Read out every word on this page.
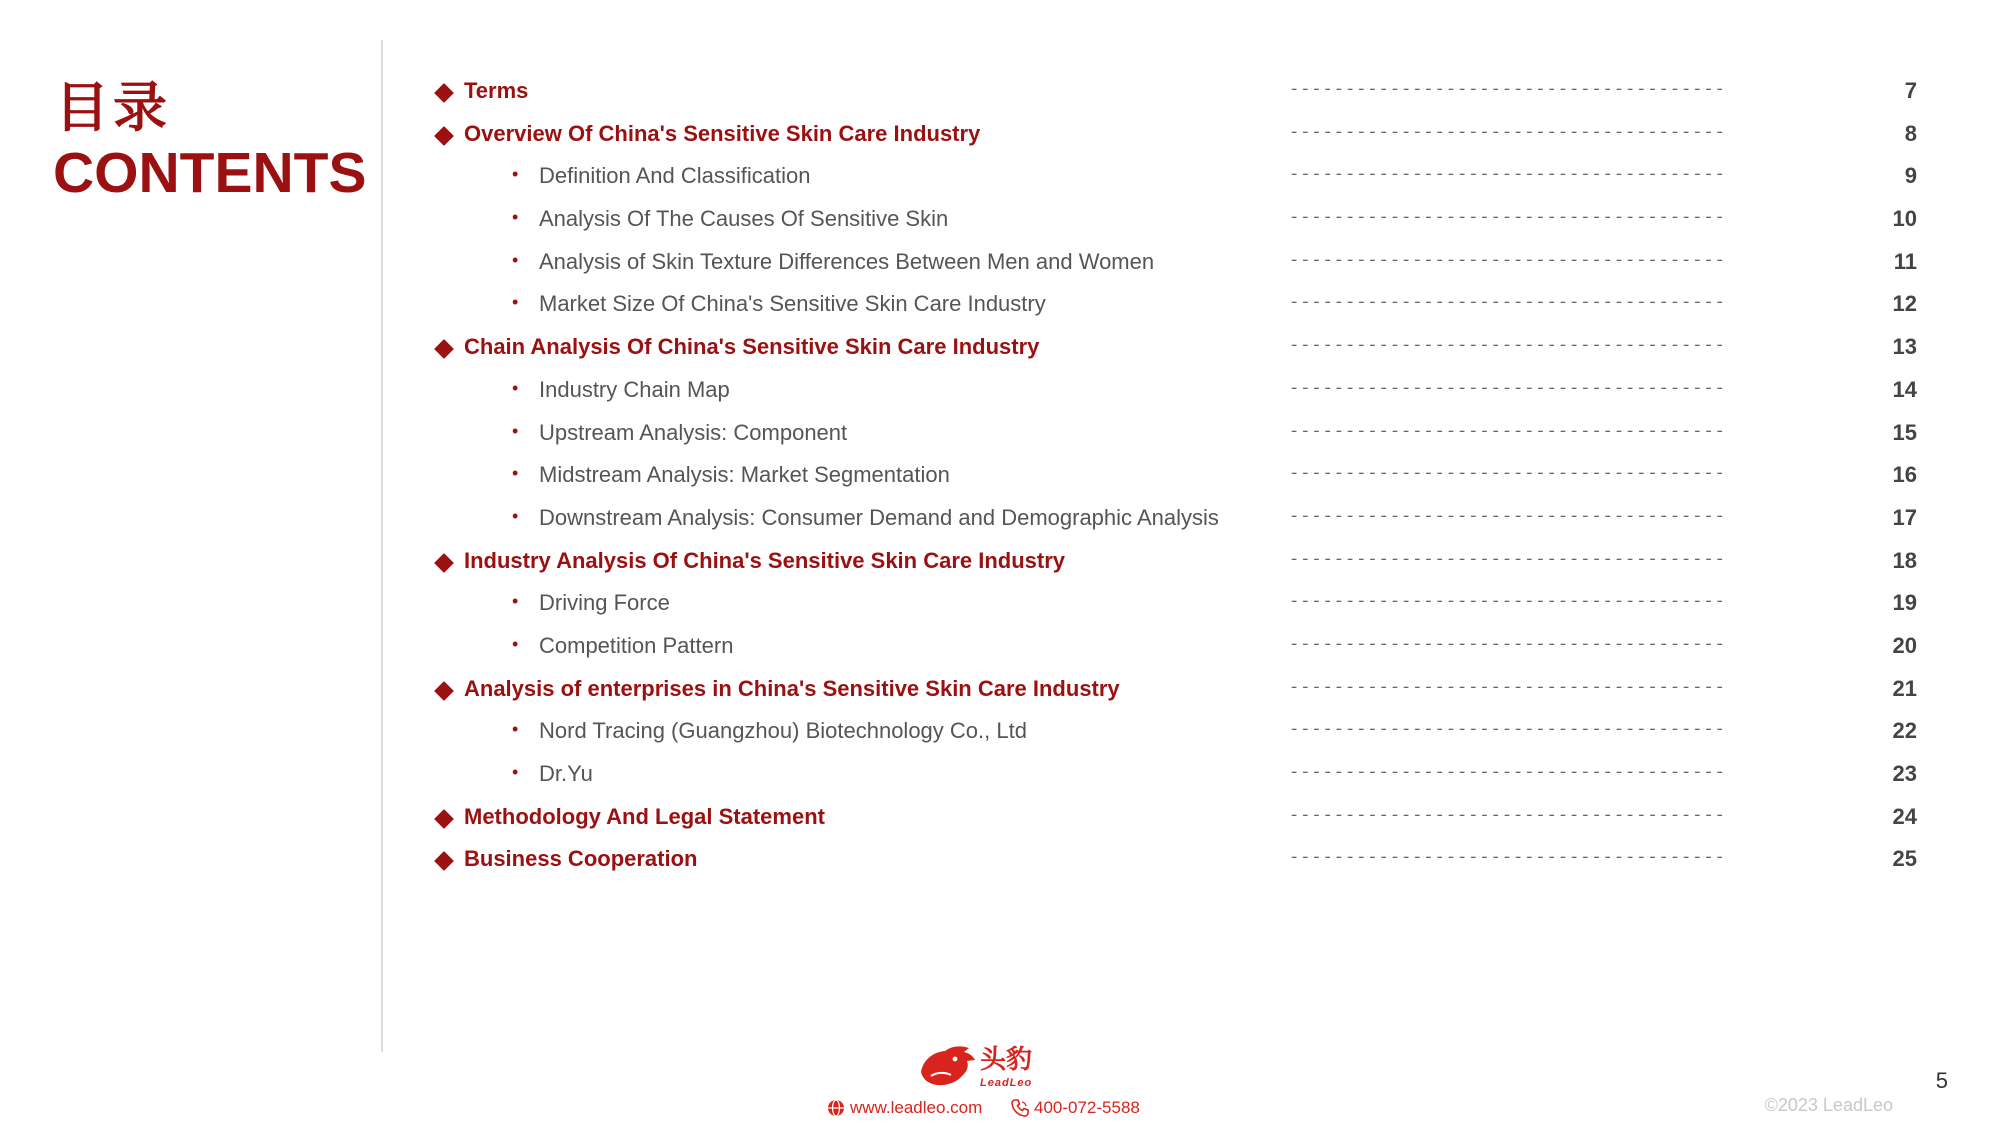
目录
CONTENTS
Terms	---------------------------------------	7
Overview Of China's Sensitive Skin Care Industry	---------------------------------------	8
• Definition And Classification	---------------------------------------	9
• Analysis Of The Causes Of Sensitive Skin	---------------------------------------	10
• Analysis of Skin Texture Differences Between Men and Women	---------------------------------------	11
• Market Size Of China's Sensitive Skin Care Industry	---------------------------------------	12
Chain Analysis Of China's Sensitive Skin Care Industry	---------------------------------------	13
• Industry Chain Map	---------------------------------------	14
• Upstream Analysis: Component	---------------------------------------	15
• Midstream Analysis: Market Segmentation	---------------------------------------	16
• Downstream Analysis: Consumer Demand and Demographic Analysis	---------------------------------------	17
Industry Analysis Of China's Sensitive Skin Care Industry	---------------------------------------	18
• Driving Force	---------------------------------------	19
• Competition Pattern	---------------------------------------	20
Analysis of enterprises in China's Sensitive Skin Care Industry	---------------------------------------	21
• Nord Tracing (Guangzhou) Biotechnology Co., Ltd	---------------------------------------	22
• Dr.Yu	---------------------------------------	23
Methodology And Legal Statement	---------------------------------------	24
Business Cooperation	---------------------------------------	25
头豹
LeadLeo
www.leadleo.com	400-072-5588	©2023 LeadLeo
5
